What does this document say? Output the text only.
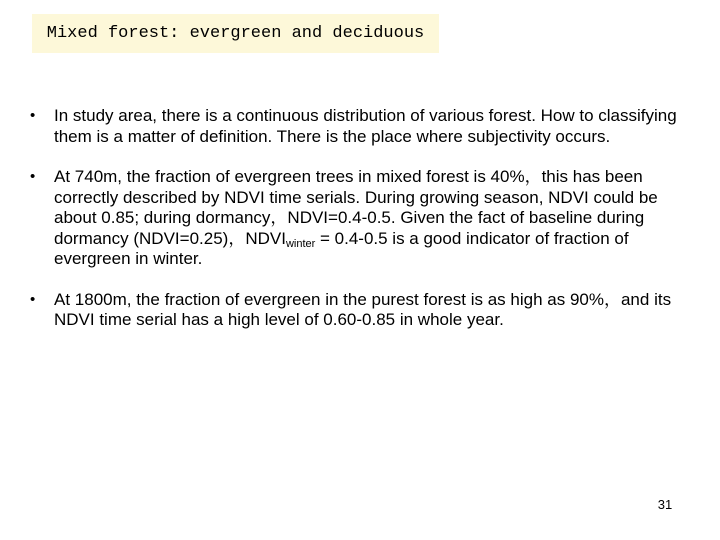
Mixed forest: evergreen and deciduous
•	In study area, there is a continuous distribution of various forest. How to classifying them is a matter of definition. There is the place where subjectivity occurs.
•	At 740m, the fraction of evergreen trees in mixed forest is 40%，this has been correctly described by NDVI time serials. During growing season, NDVI could be about 0.85; during dormancy，NDVI=0.4-0.5. Given the fact of baseline during dormancy (NDVI=0.25)，$NDVI_{winter} = 0.4-0.5$ is a good indicator of fraction of evergreen in winter.
•	At 1800m, the fraction of evergreen in the purest forest is as high as 90%，and its NDVI time serial has a high level of 0.60-0.85 in whole year.
31
